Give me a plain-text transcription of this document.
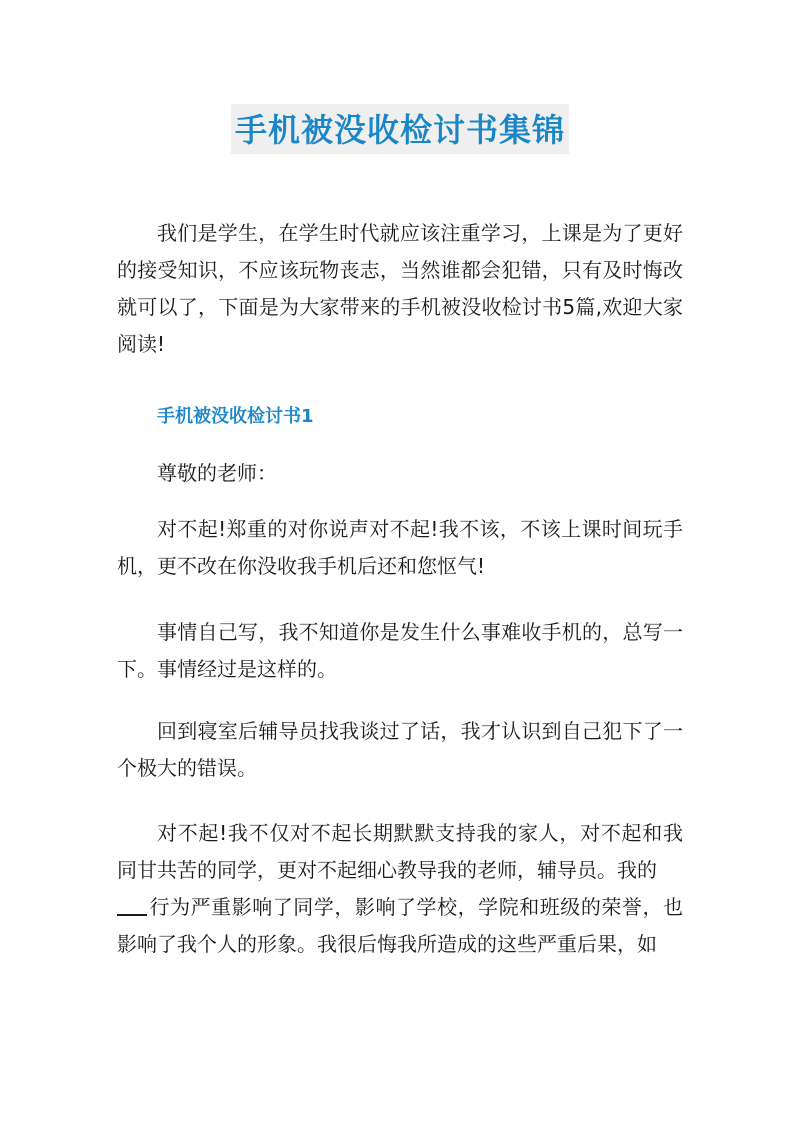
手机被没收检讨书集锦

我们是学生，在学生时代就应该注重学习，上课是为了更好的接受知识，不应该玩物丧志，当然谁都会犯错，只有及时悔改就可以了，下面是为大家带来的手机被没收检讨书5篇,欢迎大家阅读!

手机被没收检讨书1

尊敬的老师：

对不起!郑重的对你说声对不起!我不该，不该上课时间玩手机，更不改在你没收我手机后还和您怄气!

事情自己写，我不知道你是发生什么事难收手机的，总写一下。事情经过是这样的。

回到寝室后辅导员找我谈过了话，我才认识到自己犯下了一个极大的错误。

对不起!我不仅对不起长期默默支持我的家人，对不起和我同甘共苦的同学，更对不起细心教导我的老师，辅导员。我的
行为严重影响了同学，影响了学校，学院和班级的荣誉，也影响了我个人的形象。我很后悔我所造成的这些严重后果，如
